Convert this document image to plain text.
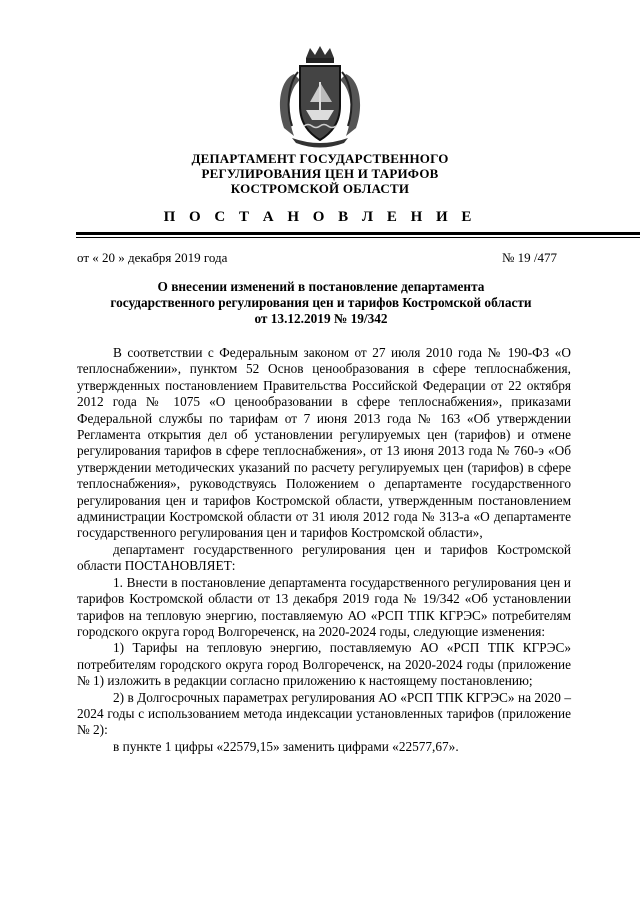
ДЕПАРТАМЕНТ ГОСУДАРСТВЕННОГО
РЕГУЛИРОВАНИЯ ЦЕН И ТАРИФОВ
КОСТРОМСКОЙ ОБЛАСТИ
П О С Т А Н О В Л Е Н И Е
от « 20 » декабря 2019 года	№ 19 /477
О внесении изменений в постановление департамента
государственного регулирования цен и тарифов Костромской области
от 13.12.2019 № 19/342

В соответствии с Федеральным законом от 27 июля 2010 года № 190-ФЗ «О теплоснабжении», пунктом 52 Основ ценообразования в сфере теплоснабжения, утвержденных постановлением Правительства Российской Федерации от 22 октября 2012 года № 1075 «О ценообразовании в сфере теплоснабжения», приказами Федеральной службы по тарифам от 7 июня 2013 года № 163 «Об утверждении Регламента открытия дел об установлении регулируемых цен (тарифов) и отмене регулирования тарифов в сфере теплоснабжения», от 13 июня 2013 года № 760-э «Об утверждении методических указаний по расчету регулируемых цен (тарифов) в сфере теплоснабжения», руководствуясь Положением о департаменте государственного регулирования цен и тарифов Костромской области, утвержденным постановлением администрации Костромской области от 31 июля 2012 года № 313-а «О департаменте государственного регулирования цен и тарифов Костромской области»,

департамент государственного регулирования цен и тарифов Костромской области ПОСТАНОВЛЯЕТ:

1. Внести в постановление департамента государственного регулирования цен и тарифов Костромской области от 13 декабря 2019 года № 19/342 «Об установлении тарифов на тепловую энергию, поставляемую АО «РСП ТПК КГРЭС» потребителям городского округа город Волгореченск, на 2020-2024 годы, следующие изменения:

1) Тарифы на тепловую энергию, поставляемую АО «РСП ТПК КГРЭС» потребителям городского округа город Волгореченск, на 2020-2024 годы (приложение № 1) изложить в редакции согласно приложению к настоящему постановлению;

2) в Долгосрочных параметрах регулирования АО «РСП ТПК КГРЭС» на 2020 – 2024 годы с использованием метода индексации установленных тарифов (приложение № 2):

в пункте 1 цифры «22579,15» заменить цифрами «22577,67».
